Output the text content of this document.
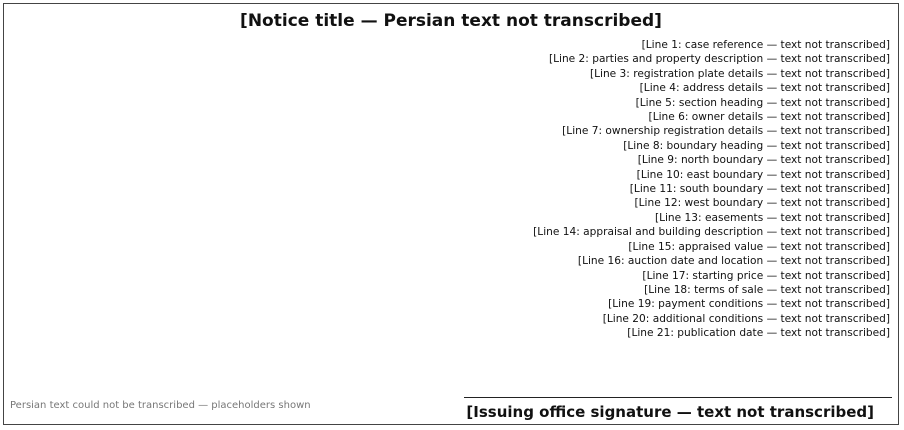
[Notice title — Persian text not transcribed]
[Line 1: case reference — text not transcribed]
[Line 2: parties and property description — text not transcribed]
[Line 3: registration plate details — text not transcribed]
[Line 4: address details — text not transcribed]
[Line 5: section heading — text not transcribed]
[Line 6: owner details — text not transcribed]
[Line 7: ownership registration details — text not transcribed]
[Line 8: boundary heading — text not transcribed]
[Line 9: north boundary — text not transcribed]
[Line 10: east boundary — text not transcribed]
[Line 11: south boundary — text not transcribed]
[Line 12: west boundary — text not transcribed]
[Line 13: easements — text not transcribed]
[Line 14: appraisal and building description — text not transcribed]
[Line 15: appraised value — text not transcribed]
[Line 16: auction date and location — text not transcribed]
[Line 17: starting price — text not transcribed]
[Line 18: terms of sale — text not transcribed]
[Line 19: payment conditions — text not transcribed]
[Line 20: additional conditions — text not transcribed]
[Line 21: publication date — text not transcribed]
[Issuing office signature — text not transcribed]
Persian text could not be transcribed — placeholders shown
